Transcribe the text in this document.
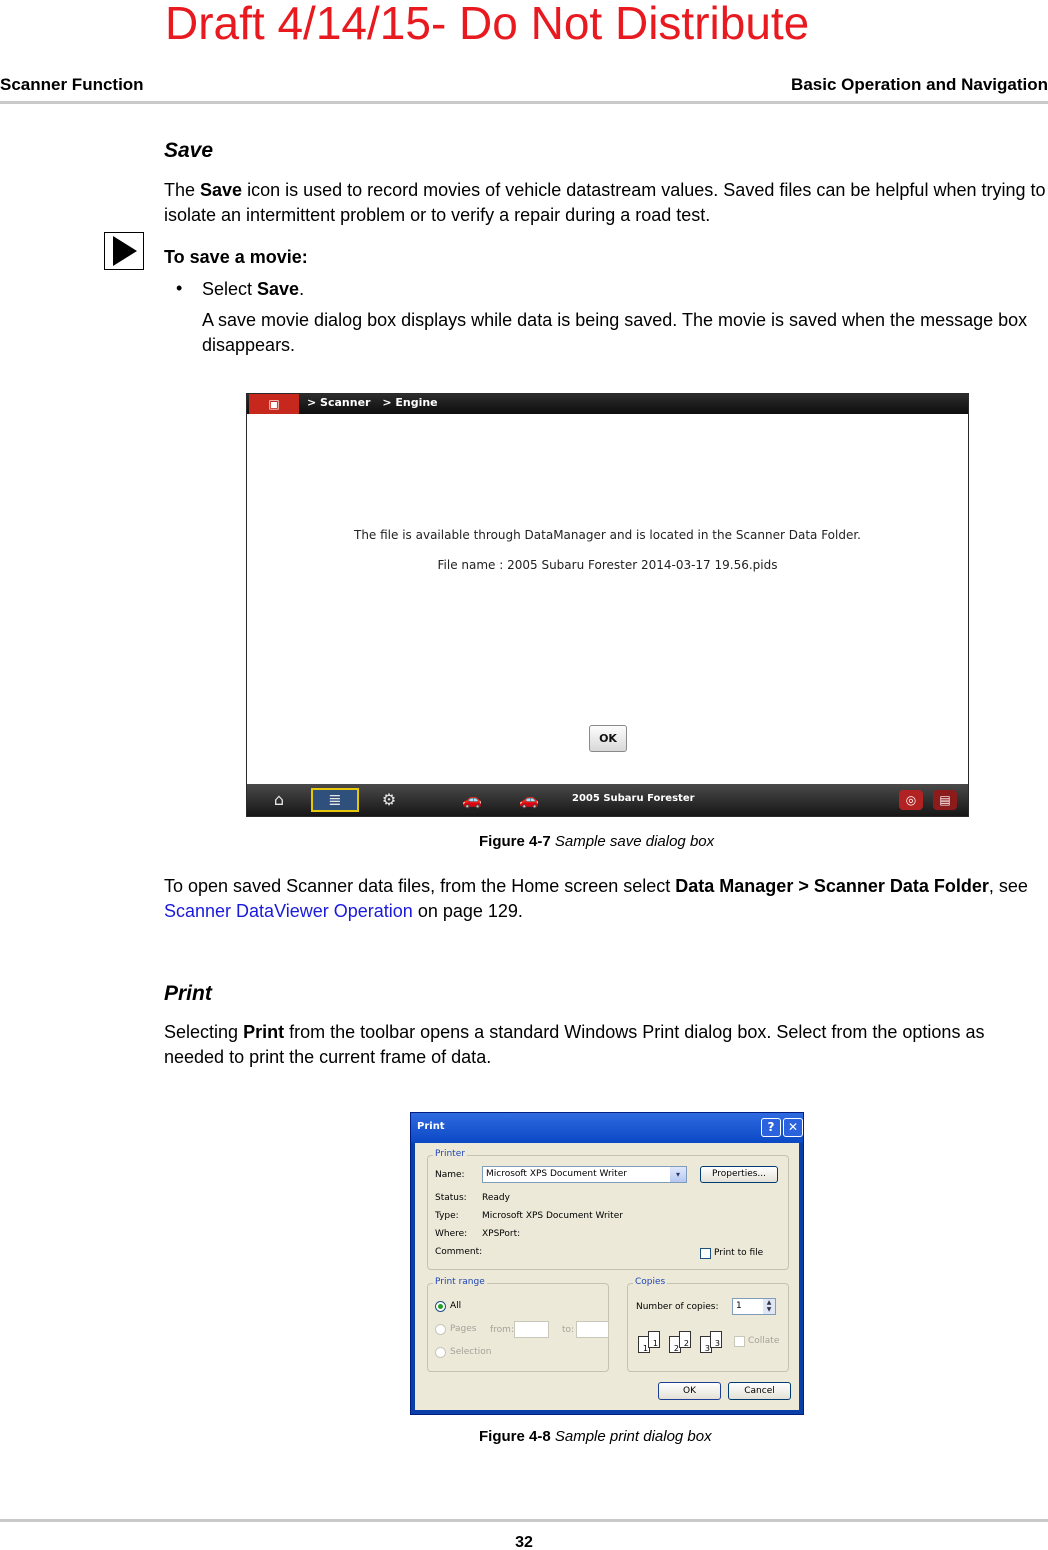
Draft 4/14/15- Do Not Distribute
Scanner Function	Basic Operation and Navigation
Save
The Save icon is used to record movies of vehicle datastream values. Saved files can be helpful when trying to isolate an intermittent problem or to verify a repair during a road test.
To save a movie:
• Select Save.
A save movie dialog box displays while data is being saved. The movie is saved when the message box disappears.
▣	> Scanner > Engine
The file is available through DataManager and is located in the Scanner Data Folder.
File name : 2005 Subaru Forester 2014-03-17 19.56.pids
OK
⌂	≣	⚙	🚗	🚗	2005 Subaru Forester	◎	▤
Figure 4-7 Sample save dialog box
To open saved Scanner data files, from the Home screen select Data Manager > Scanner Data Folder, see Scanner DataViewer Operation on page 129.
Print
Selecting Print from the toolbar opens a standard Windows Print dialog box. Select from the options as needed to print the current frame of data.
Print	?	✕
Printer
Name:	Microsoft XPS Document Writer	▾	Properties...
Status: Ready
Type:	Microsoft XPS Document Writer
Where: XPSPort:
Comment:	Print to file
Print range
All
Pages from:	to:
Selection
Copies
Number of copies:	1	▲
▼
1
1
2
2
3
3	Collate
OK	Cancel
Figure 4-8 Sample print dialog box
32
